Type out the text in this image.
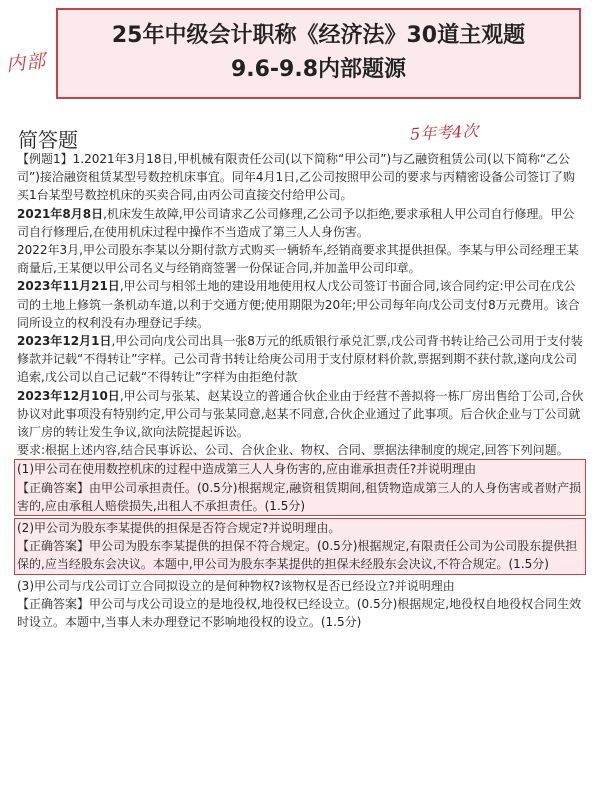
内部
25年中级会计职称《经济法》30道主观题
9.6-9.8内部题源
简答题	5年考4次

【例题1】1.2021年3月18日,甲机械有限责任公司(以下简称“甲公司”)与乙融资租赁公司(以下简称“乙公司”)接洽融资租赁某型号数控机床事宜。同年4月1日,乙公司按照甲公司的要求与丙精密设备公司签订了购买1台某型号数控机床的买卖合同,由丙公司直接交付给甲公司。

2021年8月8日,机床发生故障,甲公司请求乙公司修理,乙公司予以拒绝,要求承租人甲公司自行修理。甲公司自行修理后,在使用机床过程中操作不当造成了第三人人身伤害。

2022年3月,甲公司股东李某以分期付款方式购买一辆轿车,经销商要求其提供担保。李某与甲公司经理王某商量后,王某便以甲公司名义与经销商签署一份保证合同,并加盖甲公司印章。

2023年11月21日,甲公司与相邻土地的建设用地使用权人戊公司签订书面合同,该合同约定:甲公司在戊公司的土地上修筑一条机动车道,以利于交通方便;使用期限为20年;甲公司每年向戊公司支付8万元费用。该合同所设立的权利没有办理登记手续。

2023年12月1日,甲公司向戊公司出具一张8万元的纸质银行承兑汇票,戊公司背书转让给己公司用于支付装修款并记载“不得转让”字样。己公司背书转让给庚公司用于支付原材料价款,票据到期不获付款,遂向戊公司追索,戊公司以自己记载“不得转让”字样为由拒绝付款

2023年12月10日,甲公司与张某、赵某设立的普通合伙企业由于经营不善拟将一栋厂房出售给丁公司,合伙协议对此事项没有特别约定,甲公司与张某同意,赵某不同意,合伙企业通过了此事项。后合伙企业与丁公司就该厂房的转让发生争议,欲向法院提起诉讼。

要求:根据上述内容,结合民事诉讼、公司、合伙企业、物权、合同、票据法律制度的规定,回答下列问题。

(1)甲公司在使用数控机床的过程中造成第三人人身伤害的,应由谁承担责任?并说明理由

【正确答案】由甲公司承担责任。(0.5分)根据规定,融资租赁期间,租赁物造成第三人的人身伤害或者财产损害的,应由承租人赔偿损失,出租人不承担责任。(1.5分)

(2)甲公司为股东李某提供的担保是否符合规定?并说明理由。

【正确答案】甲公司为股东李某提供的担保不符合规定。(0.5分)根据规定,有限责任公司为公司股东提供担保的,应当经股东会决议。本题中,甲公司为股东李某提供的担保未经股东会决议,不符合规定。(1.5分)

(3)甲公司与戊公司订立合同拟设立的是何种物权?该物权是否已经设立?并说明理由

【正确答案】甲公司与戊公司设立的是地役权,地役权已经设立。(0.5分)根据规定,地役权自地役权合同生效时设立。本题中,当事人未办理登记不影响地役权的设立。(1.5分)
